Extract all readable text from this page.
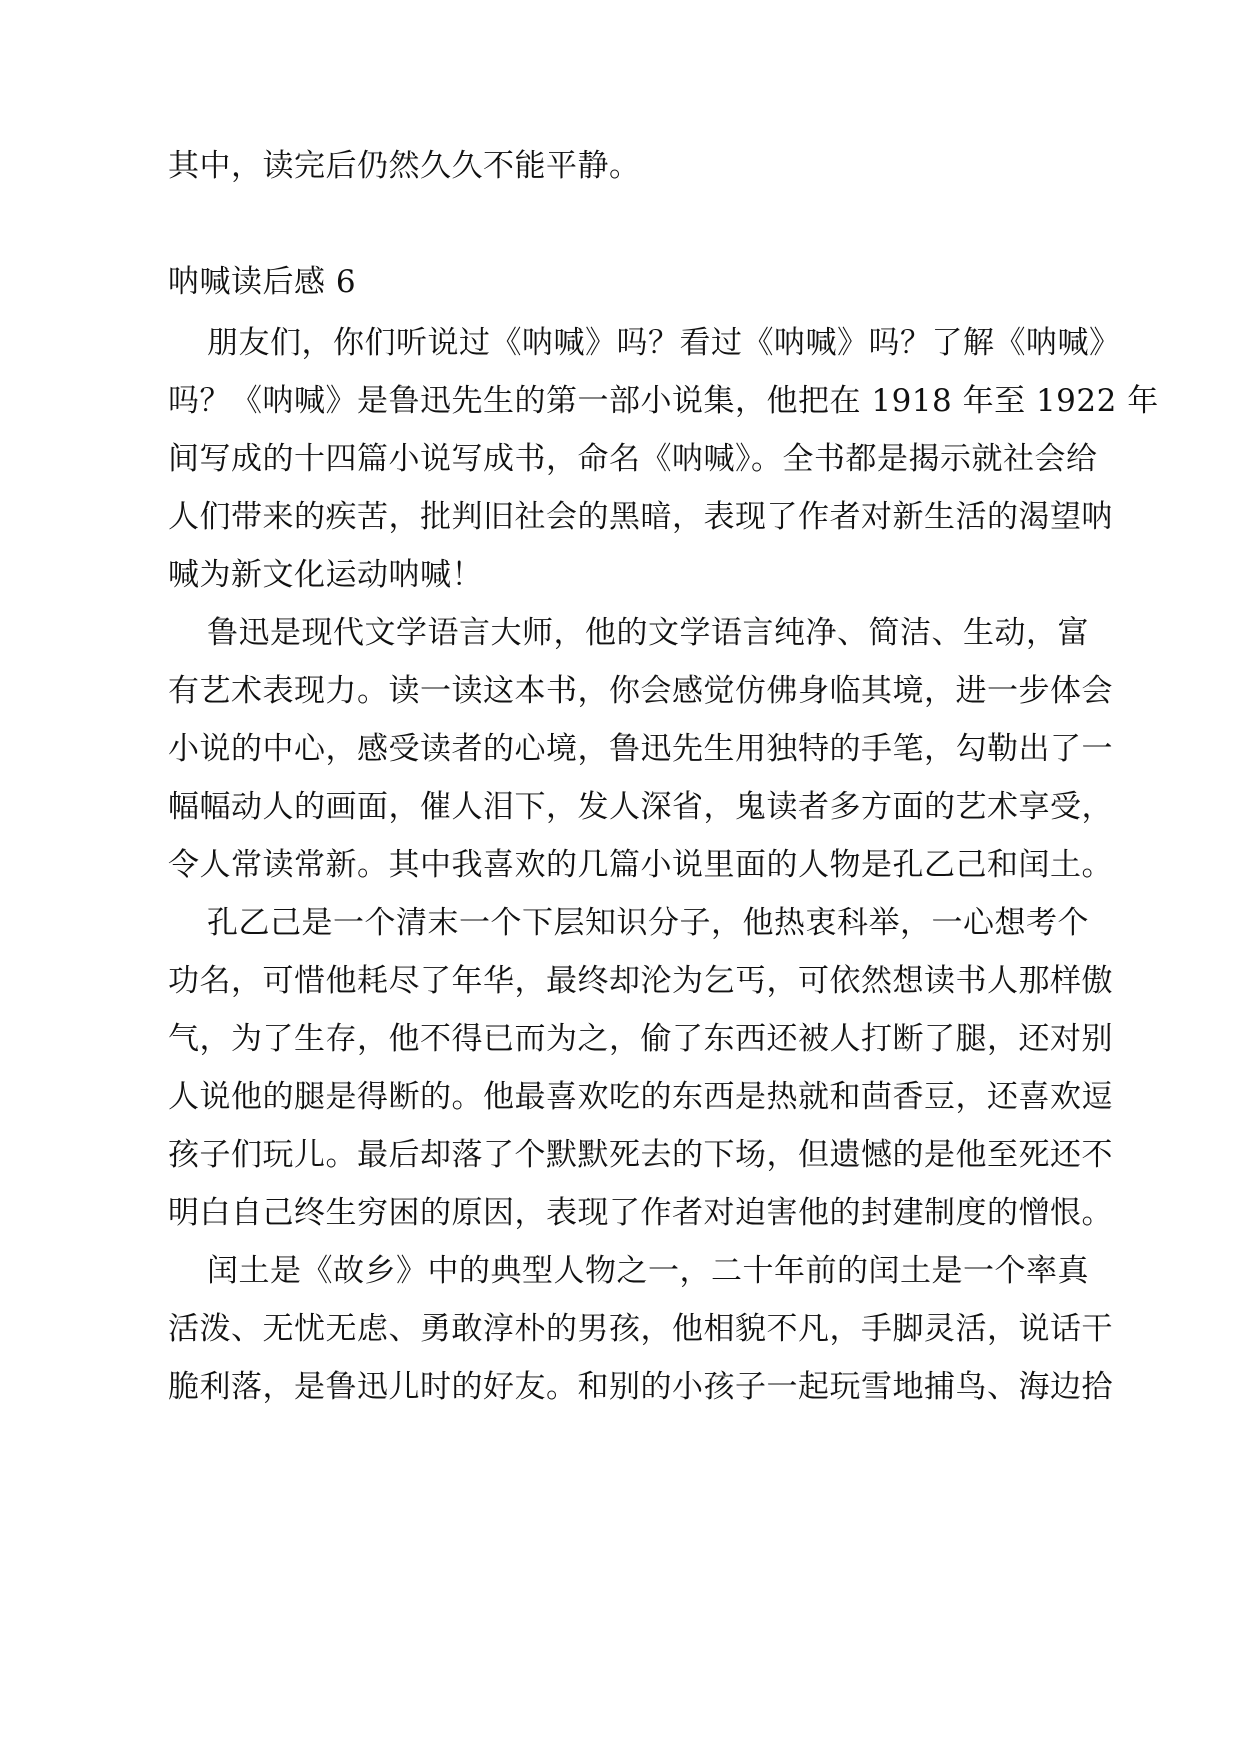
其中，读完后仍然久久不能平静。
呐喊读后感 6
朋友们，你们听说过《呐喊》吗？看过《呐喊》吗？了解《呐喊》
吗？《呐喊》是鲁迅先生的第一部小说集，他把在 1918 年至 1922 年
间写成的十四篇小说写成书，命名《呐喊》。全书都是揭示就社会给
人们带来的疾苦，批判旧社会的黑暗，表现了作者对新生活的渴望呐
喊为新文化运动呐喊！
鲁迅是现代文学语言大师，他的文学语言纯净、简洁、生动，富
有艺术表现力。读一读这本书，你会感觉仿佛身临其境，进一步体会
小说的中心，感受读者的心境，鲁迅先生用独特的手笔，勾勒出了一
幅幅动人的画面，催人泪下，发人深省，鬼读者多方面的艺术享受，
令人常读常新。其中我喜欢的几篇小说里面的人物是孔乙己和闰土。
孔乙己是一个清末一个下层知识分子，他热衷科举，一心想考个
功名，可惜他耗尽了年华，最终却沦为乞丐，可依然想读书人那样傲
气，为了生存，他不得已而为之，偷了东西还被人打断了腿，还对别
人说他的腿是得断的。他最喜欢吃的东西是热就和茴香豆，还喜欢逗
孩子们玩儿。最后却落了个默默死去的下场，但遗憾的是他至死还不
明白自己终生穷困的原因，表现了作者对迫害他的封建制度的憎恨。
闰土是《故乡》中的典型人物之一，二十年前的闰土是一个率真
活泼、无忧无虑、勇敢淳朴的男孩，他相貌不凡，手脚灵活，说话干
脆利落，是鲁迅儿时的好友。和别的小孩子一起玩雪地捕鸟、海边拾
